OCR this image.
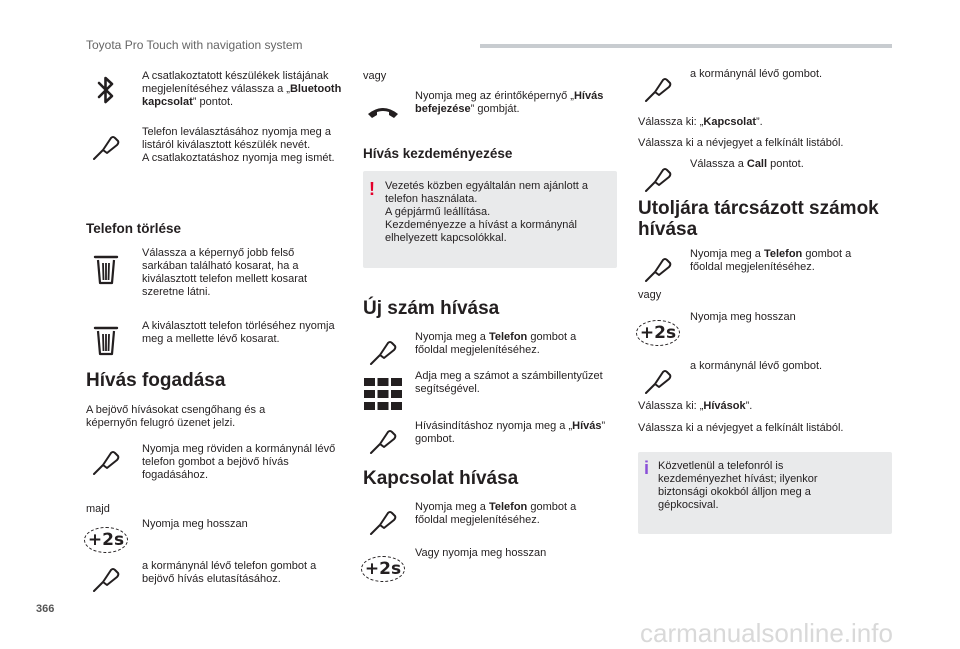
Toyota Pro Touch with navigation system
A csatlakoztatott készülékek listájának megjelenítéséhez válassza a „Bluetooth kapcsolat” pontot.
Telefon leválasztásához nyomja meg a listáról kiválasztott készülék nevét.
A csatlakoztatáshoz nyomja meg ismét.
Telefon törlése
Válassza a képernyő jobb felső sarkában található kosarat, ha a kiválasztott telefon mellett kosarat szeretne látni.
A kiválasztott telefon törléséhez nyomja meg a mellette lévő kosarat.
Hívás fogadása
A bejövő hívásokat csengőhang és a képernyőn felugró üzenet jelzi.
Nyomja meg röviden a kormánynál lévő telefon gombot a bejövő hívás fogadásához.
majd
+2s
Nyomja meg hosszan
a kormánynál lévő telefon gombot a bejövő hívás elutasításához.
vagy
Nyomja meg az érintőképernyő „Hívás befejezése” gombját.
Hívás kezdeményezése
! Vezetés közben egyáltalán nem ajánlott a telefon használata.
A gépjármű leállítása.
Kezdeményezze a hívást a kormánynál elhelyezett kapcsolókkal.
Új szám hívása
Nyomja meg a Telefon gombot a főoldal megjelenítéséhez.
Adja meg a számot a számbillentyűzet segítségével.
Hívásindításhoz nyomja meg a „Hívás” gombot.
Kapcsolat hívása
Nyomja meg a Telefon gombot a főoldal megjelenítéséhez.
+2s
Vagy nyomja meg hosszan
a kormánynál lévő gombot.
Válassza ki: „Kapcsolat”.
Válassza ki a névjegyet a felkínált listából.
Válassza a Call pontot.
Utoljára tárcsázott számok hívása
Nyomja meg a Telefon gombot a főoldal megjelenítéséhez.
vagy
+2s
Nyomja meg hosszan
a kormánynál lévő gombot.
Válassza ki: „Hívások”.
Válassza ki a névjegyet a felkínált listából.
i Közvetlenül a telefonról is kezdeményezhet hívást; ilyenkor biztonsági okokból álljon meg a gépkocsival.
366
carmanualsonline.info
